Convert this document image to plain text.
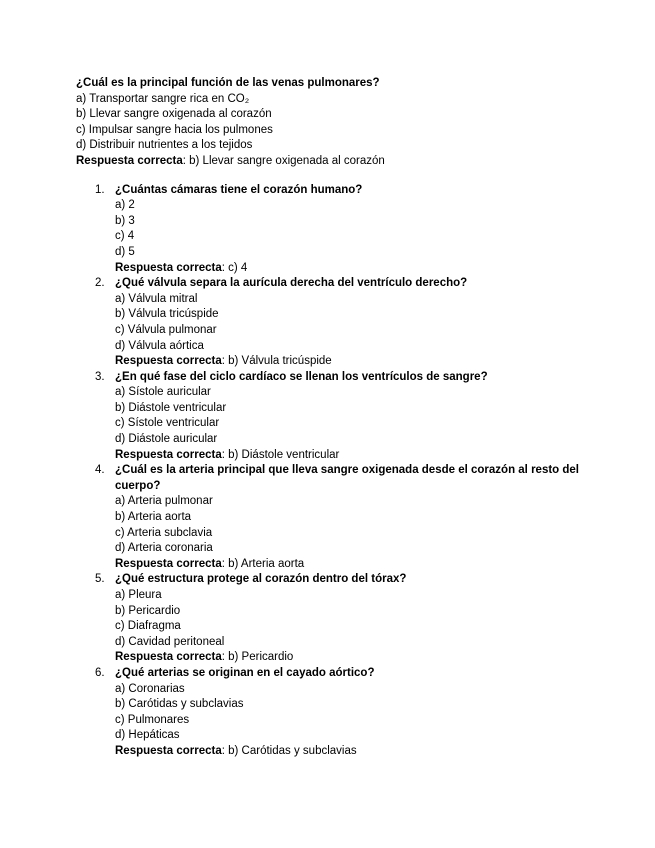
¿Cuál es la principal función de las venas pulmonares?
a) Transportar sangre rica en CO₂
b) Llevar sangre oxigenada al corazón
c) Impulsar sangre hacia los pulmones
d) Distribuir nutrientes a los tejidos
Respuesta correcta: b) Llevar sangre oxigenada al corazón
1. ¿Cuántas cámaras tiene el corazón humano?
a) 2
b) 3
c) 4
d) 5
Respuesta correcta: c) 4
2. ¿Qué válvula separa la aurícula derecha del ventrículo derecho?
a) Válvula mitral
b) Válvula tricúspide
c) Válvula pulmonar
d) Válvula aórtica
Respuesta correcta: b) Válvula tricúspide
3. ¿En qué fase del ciclo cardíaco se llenan los ventrículos de sangre?
a) Sístole auricular
b) Diástole ventricular
c) Sístole ventricular
d) Diástole auricular
Respuesta correcta: b) Diástole ventricular
4. ¿Cuál es la arteria principal que lleva sangre oxigenada desde el corazón al resto del cuerpo?
a) Arteria pulmonar
b) Arteria aorta
c) Arteria subclavia
d) Arteria coronaria
Respuesta correcta: b) Arteria aorta
5. ¿Qué estructura protege al corazón dentro del tórax?
a) Pleura
b) Pericardio
c) Diafragma
d) Cavidad peritoneal
Respuesta correcta: b) Pericardio
6. ¿Qué arterias se originan en el cayado aórtico?
a) Coronarias
b) Carótidas y subclavias
c) Pulmonares
d) Hepáticas
Respuesta correcta: b) Carótidas y subclavias
